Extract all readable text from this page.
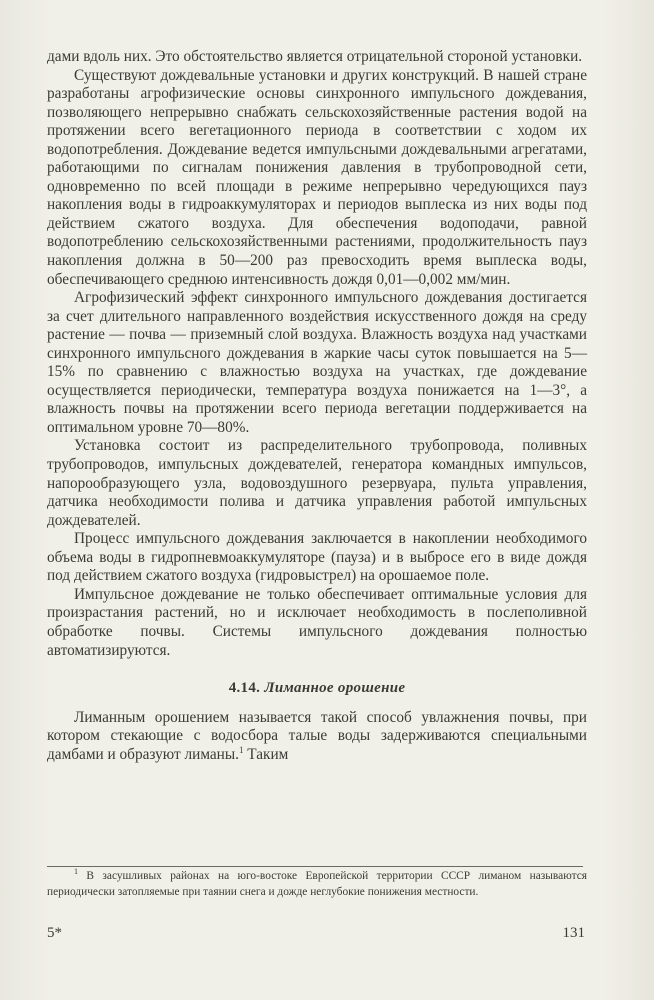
дами вдоль них. Это обстоятельство является отрицательной стороной установки.

Существуют дождевальные установки и других конструкций. В нашей стране разработаны агрофизические основы синхронного импульсного дождевания, позволяющего непрерывно снабжать сельскохозяйственные растения водой на протяжении всего вегетационного периода в соответствии с ходом их водопотребления. Дождевание ведется импульсными дождевальными агрегатами, работающими по сигналам понижения давления в трубопроводной сети, одновременно по всей площади в режиме непрерывно чередующихся пауз накопления воды в гидроаккумуляторах и периодов выплеска из них воды под действием сжатого воздуха. Для обеспечения водоподачи, равной водопотреблению сельскохозяйственными растениями, продолжительность пауз накопления должна в 50—200 раз превосходить время выплеска воды, обеспечивающего среднюю интенсивность дождя 0,01—0,002 мм/мин.

Агрофизический эффект синхронного импульсного дождевания достигается за счет длительного направленного воздействия искусственного дождя на среду растение — почва — приземный слой воздуха. Влажность воздуха над участками синхронного импульсного дождевания в жаркие часы суток повышается на 5—15% по сравнению с влажностью воздуха на участках, где дождевание осуществляется периодически, температура воздуха понижается на 1—3°, а влажность почвы на протяжении всего периода вегетации поддерживается на оптимальном уровне 70—80%.

Установка состоит из распределительного трубопровода, поливных трубопроводов, импульсных дождевателей, генератора командных импульсов, напорообразующего узла, водовоздушного резервуара, пульта управления, датчика необходимости полива и датчика управления работой импульсных дождевателей.

Процесс импульсного дождевания заключается в накоплении необходимого объема воды в гидропневмоаккумуляторе (пауза) и в выбросе его в виде дождя под действием сжатого воздуха (гидровыстрел) на орошаемое поле.

Импульсное дождевание не только обеспечивает оптимальные условия для произрастания растений, но и исключает необходимость в послеполивной обработке почвы. Системы импульсного дождевания полностью автоматизируются.

4.14. Лиманное орошение

Лиманным орошением называется такой способ увлажнения почвы, при котором стекающие с водосбора талые воды задерживаются специальными дамбами и образуют лиманы.$^1$ Таким

$^1$ В засушливых районах на юго-востоке Европейской территории СССР лиманом называются периодически затопляемые при таянии снега и дожде неглубокие понижения местности.

5*	131
